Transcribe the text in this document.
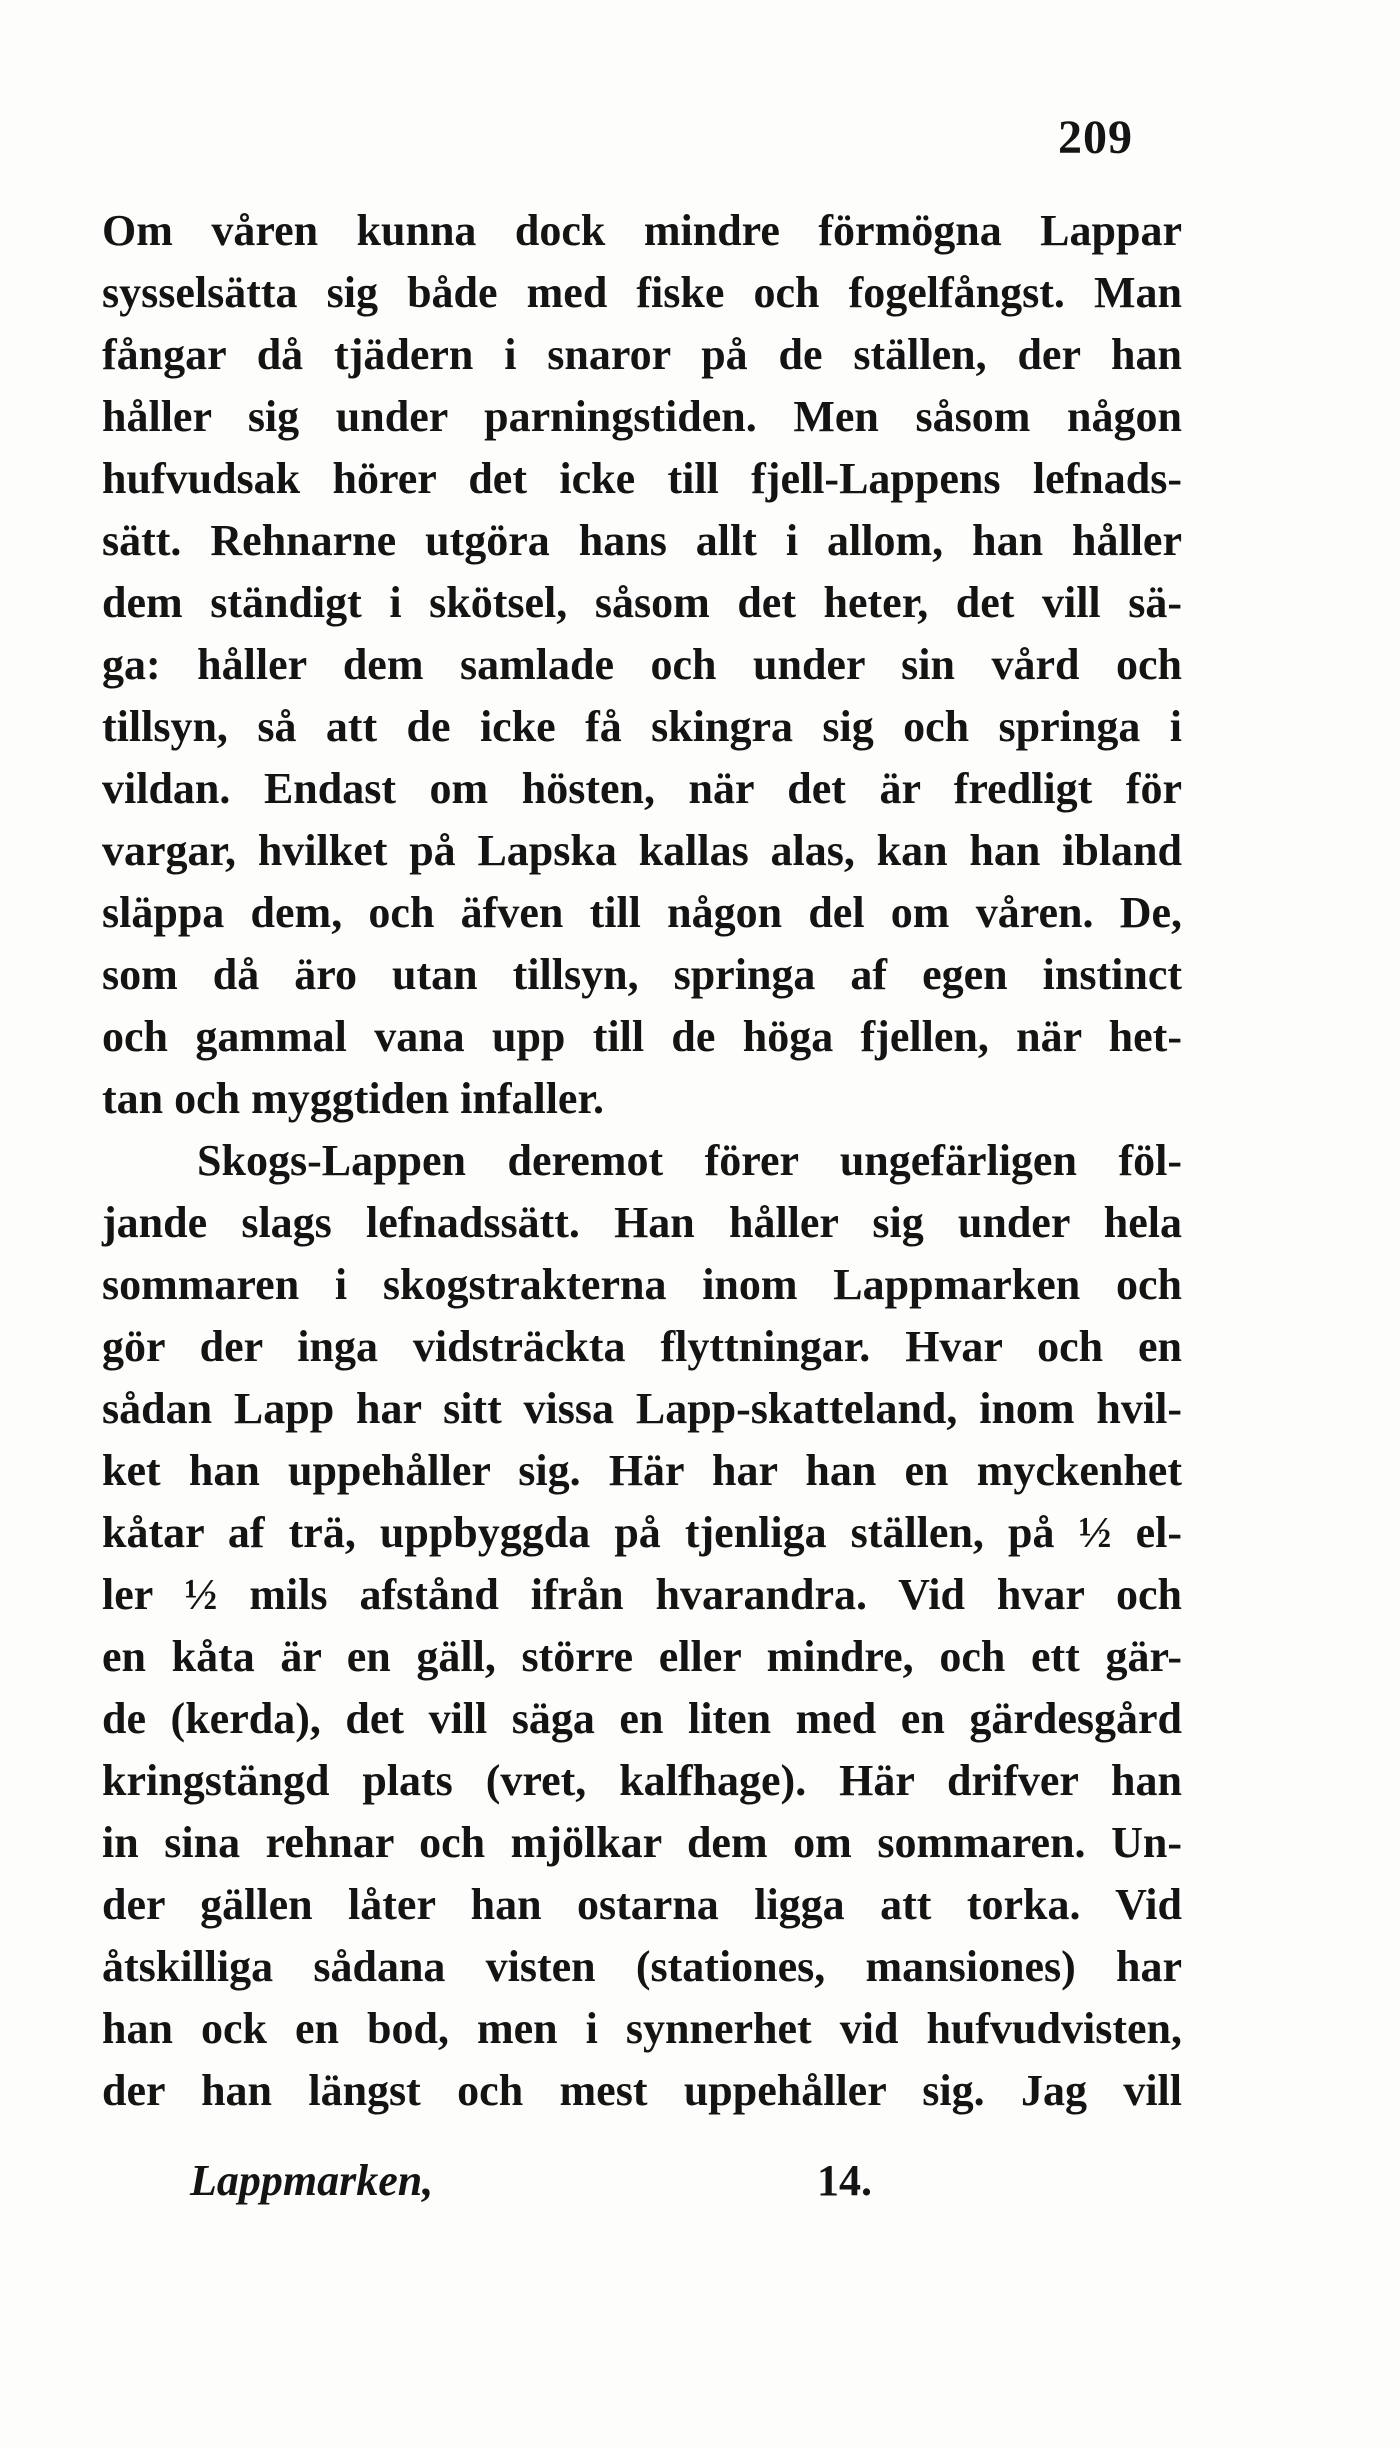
209
Om våren kunna dock mindre förmögna Lappar
sysselsätta sig både med fiske och fogelfångst. Man
fångar då tjädern i snaror på de ställen, der han
håller sig under parningstiden. Men såsom någon
hufvudsak hörer det icke till fjell-Lappens lefnads-
sätt. Rehnarne utgöra hans allt i allom, han håller
dem ständigt i skötsel, såsom det heter, det vill sä-
ga: håller dem samlade och under sin vård och
tillsyn, så att de icke få skingra sig och springa i
vildan. Endast om hösten, när det är fredligt för
vargar, hvilket på Lapska kallas alas, kan han ibland
släppa dem, och äfven till någon del om våren. De,
som då äro utan tillsyn, springa af egen instinct
och gammal vana upp till de höga fjellen, när het-
tan och myggtiden infaller.
Skogs-Lappen deremot förer ungefärligen föl-
jande slags lefnadssätt. Han håller sig under hela
sommaren i skogstrakterna inom Lappmarken och
gör der inga vidsträckta flyttningar. Hvar och en
sådan Lapp har sitt vissa Lapp-skatteland, inom hvil-
ket han uppehåller sig. Här har han en myckenhet
kåtar af trä, uppbyggda på tjenliga ställen, på ½ el-
ler ½ mils afstånd ifrån hvarandra. Vid hvar och
en kåta är en gäll, större eller mindre, och ett gär-
de (kerda), det vill säga en liten med en gärdesgård
kringstängd plats (vret, kalfhage). Här drifver han
in sina rehnar och mjölkar dem om sommaren. Un-
der gällen låter han ostarna ligga att torka. Vid
åtskilliga sådana visten (stationes, mansiones) har
han ock en bod, men i synnerhet vid hufvudvisten,
der han längst och mest uppehåller sig. Jag vill
Lappmarken,	14.
